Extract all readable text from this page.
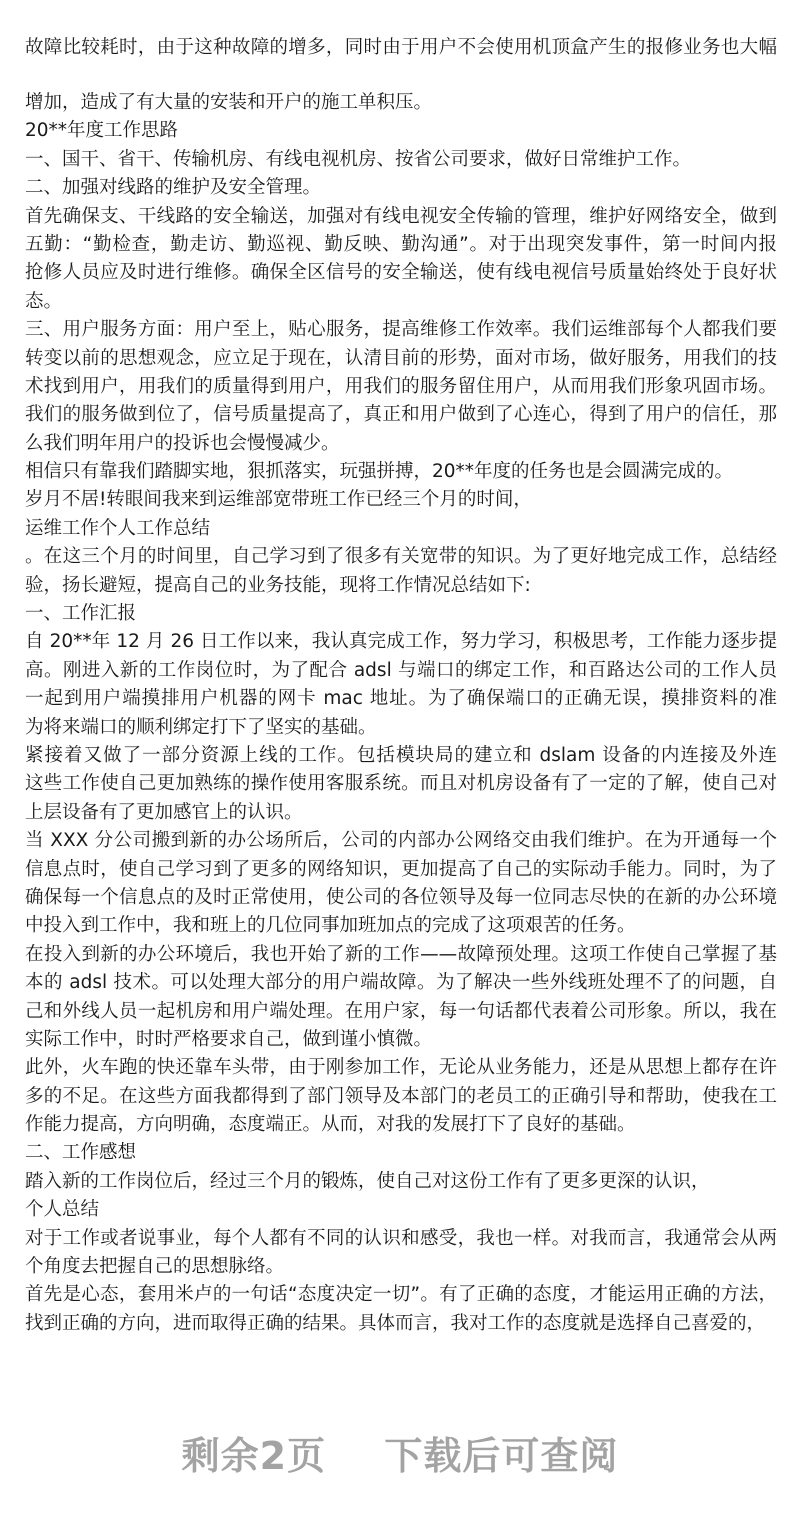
故障比较耗时，由于这种故障的增多，同时由于用户不会使用机顶盒产生的报修业务也大幅
增加，造成了有大量的安装和开户的施工单积压。
20**年度工作思路
一、国干、省干、传输机房、有线电视机房、按省公司要求，做好日常维护工作。
二、加强对线路的维护及安全管理。
首先确保支、干线路的安全输送，加强对有线电视安全传输的管理，维护好网络安全，做到
五勤：“勤检查，勤走访、勤巡视、勤反映、勤沟通”。对于出现突发事件，第一时间内报
抢修人员应及时进行维修。确保全区信号的安全输送，使有线电视信号质量始终处于良好状
态。
三、用户服务方面：用户至上，贴心服务，提高维修工作效率。我们运维部每个人都我们要
转变以前的思想观念，应立足于现在，认清目前的形势，面对市场，做好服务，用我们的技
术找到用户，用我们的质量得到用户，用我们的服务留住用户，从而用我们形象巩固市场。
我们的服务做到位了，信号质量提高了，真正和用户做到了心连心，得到了用户的信任，那
么我们明年用户的投诉也会慢慢减少。
相信只有靠我们踏脚实地，狠抓落实，玩强拼搏，20**年度的任务也是会圆满完成的。
岁月不居!转眼间我来到运维部宽带班工作已经三个月的时间，
运维工作个人工作总结
。在这三个月的时间里，自己学习到了很多有关宽带的知识。为了更好地完成工作，总结经
验，扬长避短，提高自己的业务技能，现将工作情况总结如下:
一、工作汇报
自 20**年 12 月 26 日工作以来，我认真完成工作，努力学习，积极思考，工作能力逐步提
高。刚进入新的工作岗位时，为了配合 adsl 与端口的绑定工作，和百路达公司的工作人员
一起到用户端摸排用户机器的网卡 mac 地址。为了确保端口的正确无误，摸排资料的准
为将来端口的顺利绑定打下了坚实的基础。
紧接着又做了一部分资源上线的工作。包括模块局的建立和 dslam 设备的内连接及外连
这些工作使自己更加熟练的操作使用客服系统。而且对机房设备有了一定的了解，使自己对
上层设备有了更加感官上的认识。
当 XXX 分公司搬到新的办公场所后，公司的内部办公网络交由我们维护。在为开通每一个
信息点时，使自己学习到了更多的网络知识，更加提高了自己的实际动手能力。同时，为了
确保每一个信息点的及时正常使用，使公司的各位领导及每一位同志尽快的在新的办公环境
中投入到工作中，我和班上的几位同事加班加点的完成了这项艰苦的任务。
在投入到新的办公环境后，我也开始了新的工作——故障预处理。这项工作使自己掌握了基
本的 adsl 技术。可以处理大部分的用户端故障。为了解决一些外线班处理不了的问题，自
己和外线人员一起机房和用户端处理。在用户家，每一句话都代表着公司形象。所以，我在
实际工作中，时时严格要求自己，做到谨小慎微。
此外，火车跑的快还靠车头带，由于刚参加工作，无论从业务能力，还是从思想上都存在许
多的不足。在这些方面我都得到了部门领导及本部门的老员工的正确引导和帮助，使我在工
作能力提高，方向明确，态度端正。从而，对我的发展打下了良好的基础。
二、工作感想
踏入新的工作岗位后，经过三个月的锻炼，使自己对这份工作有了更多更深的认识，
个人总结
对于工作或者说事业，每个人都有不同的认识和感受，我也一样。对我而言，我通常会从两
个角度去把握自己的思想脉络。
首先是心态，套用米卢的一句话“态度决定一切”。有了正确的态度，才能运用正确的方法，
找到正确的方向，进而取得正确的结果。具体而言，我对工作的态度就是选择自己喜爱的，
剩余2页 下载后可查阅
